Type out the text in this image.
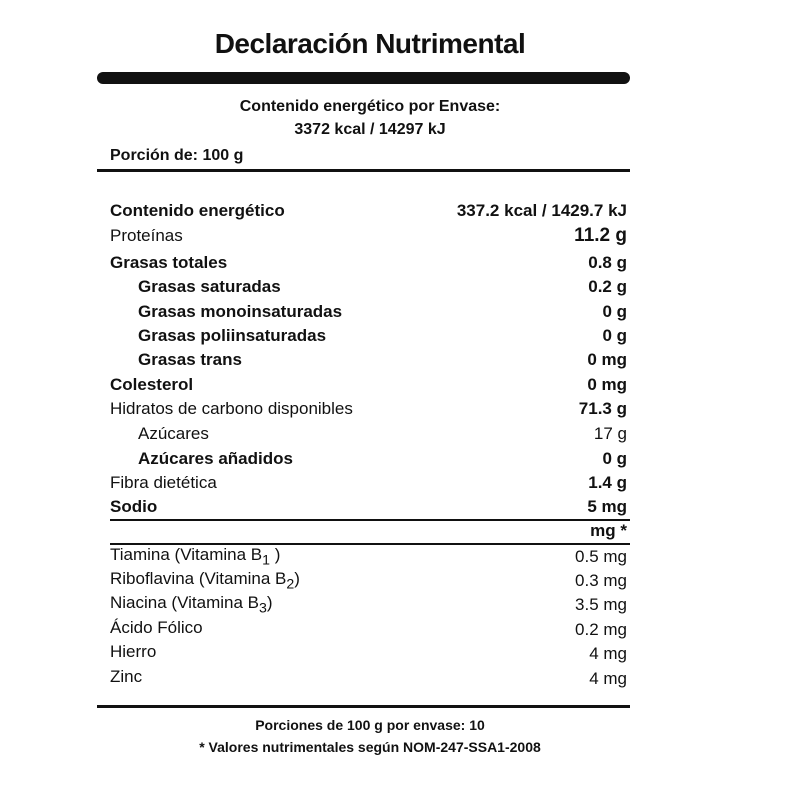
Declaración Nutrimental
Contenido energético por Envase:
3372 kcal / 14297 kJ
Porción de: 100 g
Contenido energético	337.2 kcal / 1429.7 kJ
Proteínas	11.2 g
Grasas totales	0.8 g
Grasas saturadas	0.2 g
Grasas monoinsaturadas	0 g
Grasas poliinsaturadas	0 g
Grasas trans	0 mg
Colesterol	0 mg
Hidratos de carbono disponibles	71.3 g
Azúcares	17 g
Azúcares añadidos	0 g
Fibra dietética	1.4 g
Sodio	5 mg
mg *
Tiamina (Vitamina $B_1$ )	0.5 mg
Riboflavina (Vitamina $B_2$)	0.3 mg
Niacina (Vitamina $B_3$)	3.5 mg
Ácido Fólico	0.2 mg
Hierro	4 mg
Zinc	4 mg
Porciones de 100 g por envase: 10
* Valores nutrimentales según NOM-247-SSA1-2008
